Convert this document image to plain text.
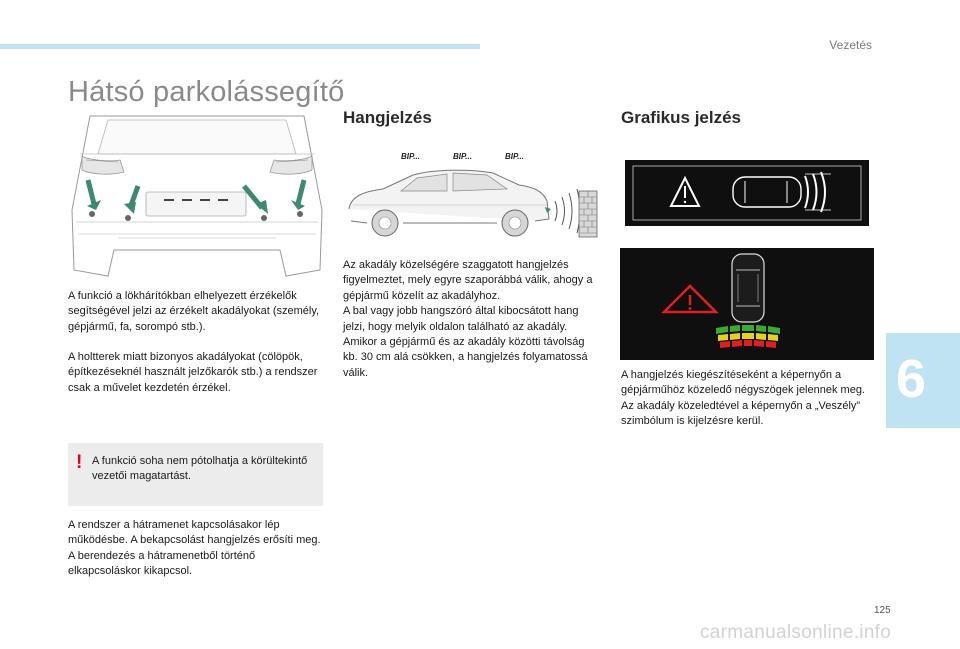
Vezetés
Hátsó parkolássegítő

A funkció a lökhárítókban elhelyezett érzékelők segítségével jelzi az érzékelt akadályokat (személy, gépjármű, fa, sorompó stb.).

A holtterek miatt bizonyos akadályokat (cölöpök, építkezéseknél használt jelzőkarók stb.) a rendszer csak a művelet kezdetén érzékel.

! A funkció soha nem pótolhatja a körültekintő vezetői magatartást.

A rendszer a hátramenet kapcsolásakor lép működésbe. A bekapcsolást hangjelzés erősíti meg.
A berendezés a hátramenetből történő elkapcsoláskor kikapcsol.

Hangjelzés
BIP...	BIP...	BIP...

Az akadály közelségére szaggatott hangjelzés figyelmeztet, mely egyre szaporábbá válik, ahogy a gépjármű közelít az akadályhoz.
A bal vagy jobb hangszóró által kibocsátott hang jelzi, hogy melyik oldalon található az akadály.
Amikor a gépjármű és az akadály közötti távolság kb. 30 cm alá csökken, a hangjelzés folyamatossá válik.

Grafikus jelzés

A hangjelzés kiegészítéseként a képernyőn a gépjárműhöz közeledő négyszögek jelennek meg.
Az akadály közeledtével a képernyőn a „Veszély” szimbólum is kijelzésre kerül.

6
125
carmanualsonline.info
